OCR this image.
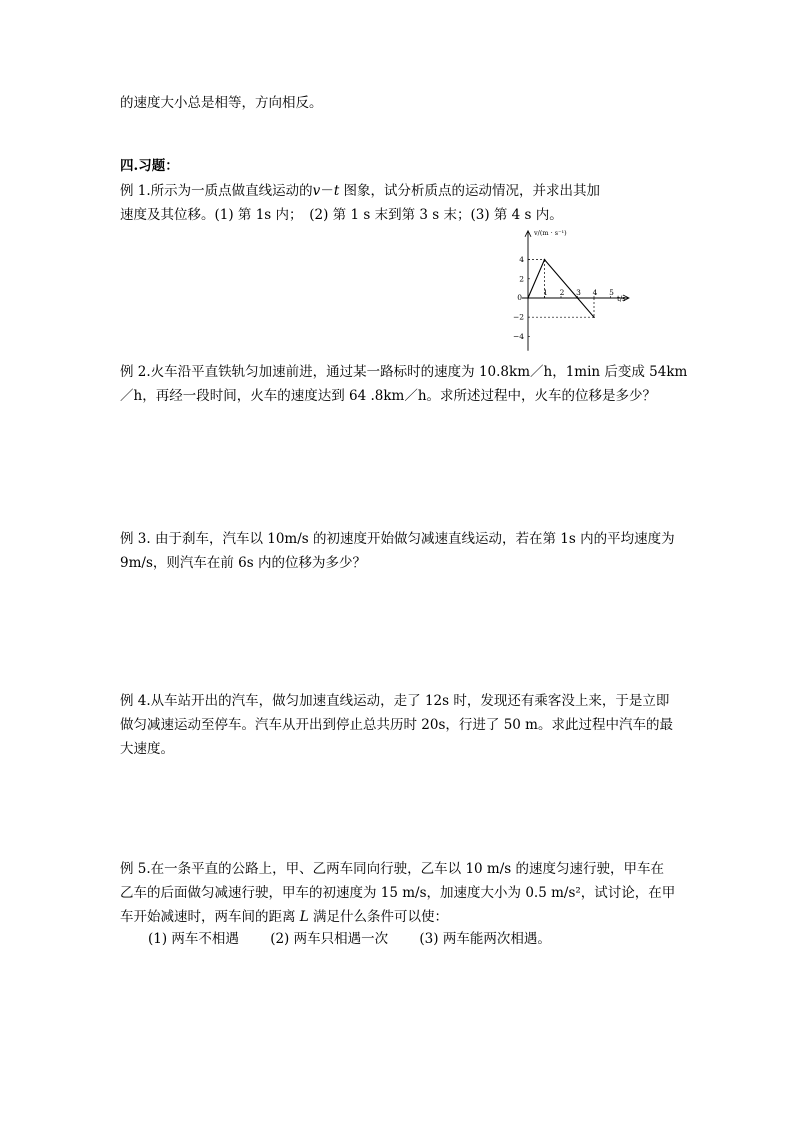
的速度大小总是相等，方向相反。
四.习题：
例 1.所示为一质点做直线运动的v－t 图象，试分析质点的运动情况，并求出其加
速度及其位移。(1) 第 1s 内；　(2) 第 1 s 末到第 3 s 末；(3) 第 4 s 内。
1 2 3 4 5
4
2
−2
−4
0
v/(m · s⁻¹)
t/s
例 2.火车沿平直铁轨匀加速前进，通过某一路标时的速度为 10.8km／h，1min 后变成 54km
／h，再经一段时间，火车的速度达到 64 .8km／h。求所述过程中，火车的位移是多少？
例 3. 由于刹车，汽车以 10m/s 的初速度开始做匀减速直线运动，若在第 1s 内的平均速度为
9m/s，则汽车在前 6s 内的位移为多少？
例 4.从车站开出的汽车，做匀加速直线运动，走了 12s 时，发现还有乘客没上来，于是立即
做匀减速运动至停车。汽车从开出到停止总共历时 20s，行进了 50 m。求此过程中汽车的最
大速度。
例 5.在一条平直的公路上，甲、乙两车同向行驶，乙车以 10 m/s 的速度匀速行驶，甲车在
乙车的后面做匀减速行驶，甲车的初速度为 15 m/s，加速度大小为 0.5 m/s²，试讨论，在甲
车开始减速时，两车间的距离 L 满足什么条件可以使：
(1) 两车不相遇　　 (2) 两车只相遇一次　　 (3) 两车能两次相遇。
